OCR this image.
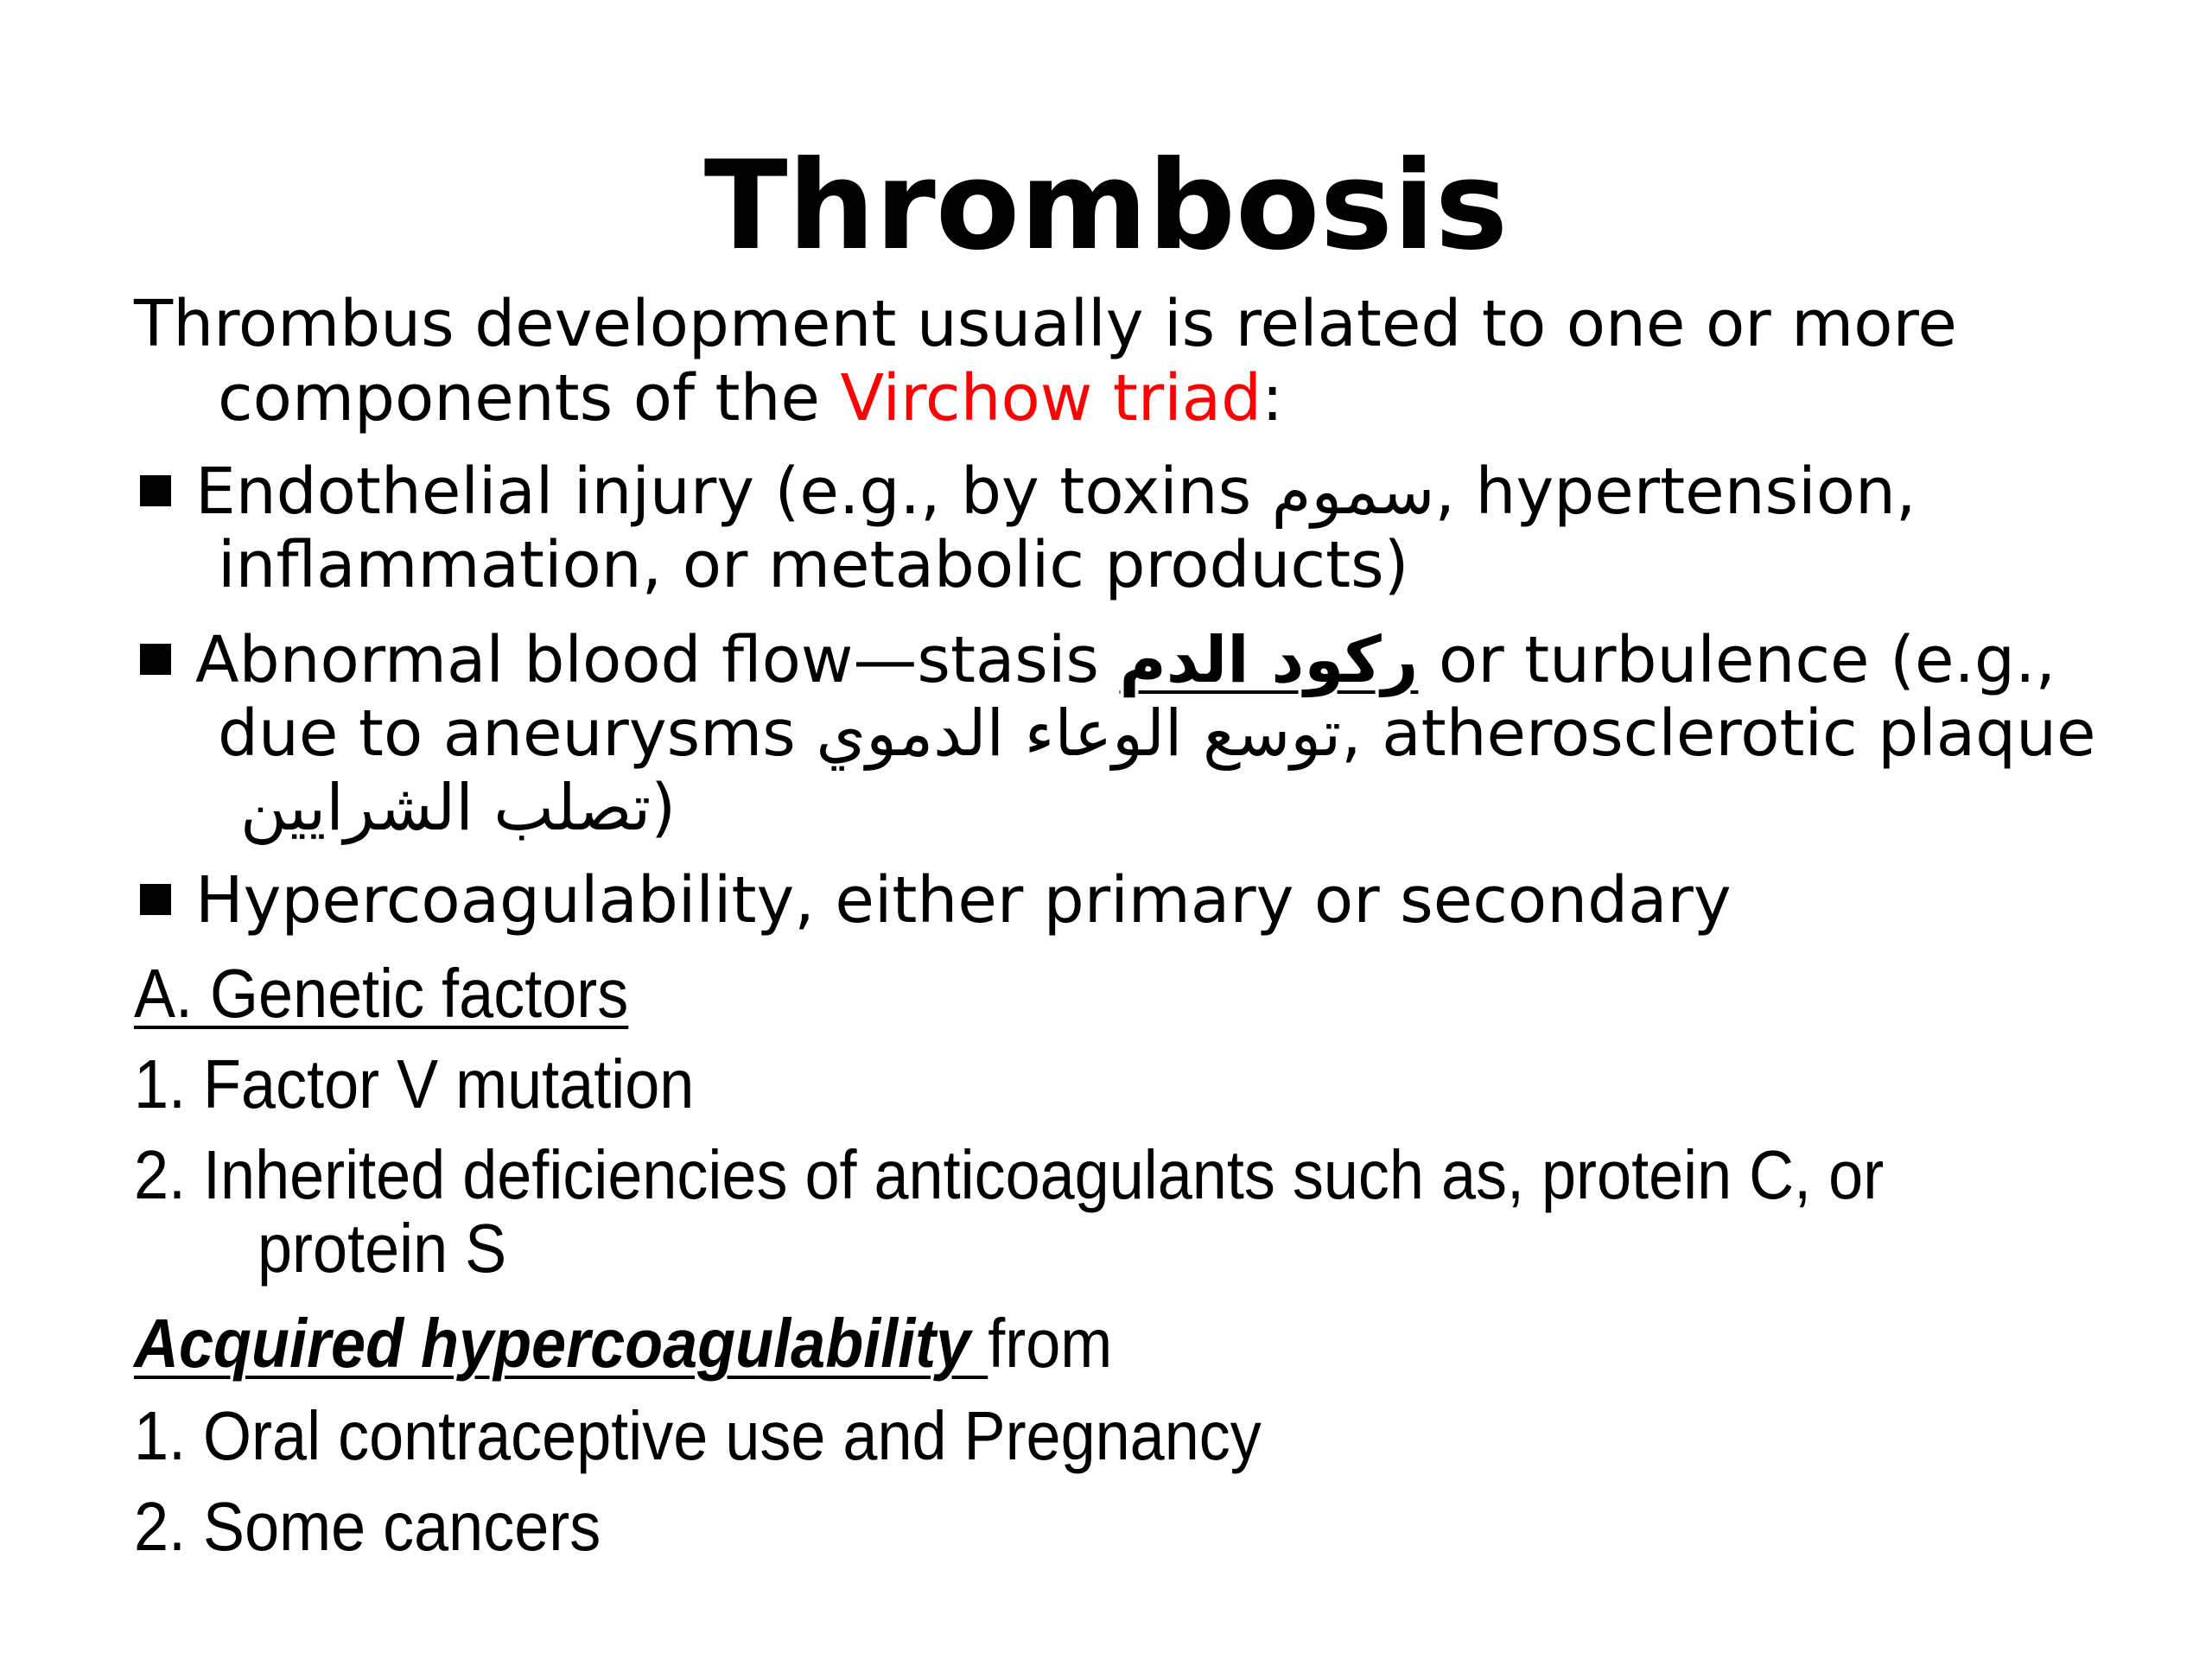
Thrombosis

Thrombus development usually is related to one or more

components of the Virchow triad:

Endothelial injury (e.g., by toxins سموم, hypertension,

inflammation, or metabolic products)

Abnormal blood flow—stasis ركود الدم or turbulence (e.g.,

due to aneurysms توسع الوعاء الدموي, atherosclerotic plaque

تصلب الشرايين)

Hypercoagulability, either primary or secondary

A. Genetic factors

1. Factor V mutation

2. Inherited deficiencies of anticoagulants such as, protein C, or

protein S

Acquired hypercoagulability from

1. Oral contraceptive use and Pregnancy

2. Some cancers
